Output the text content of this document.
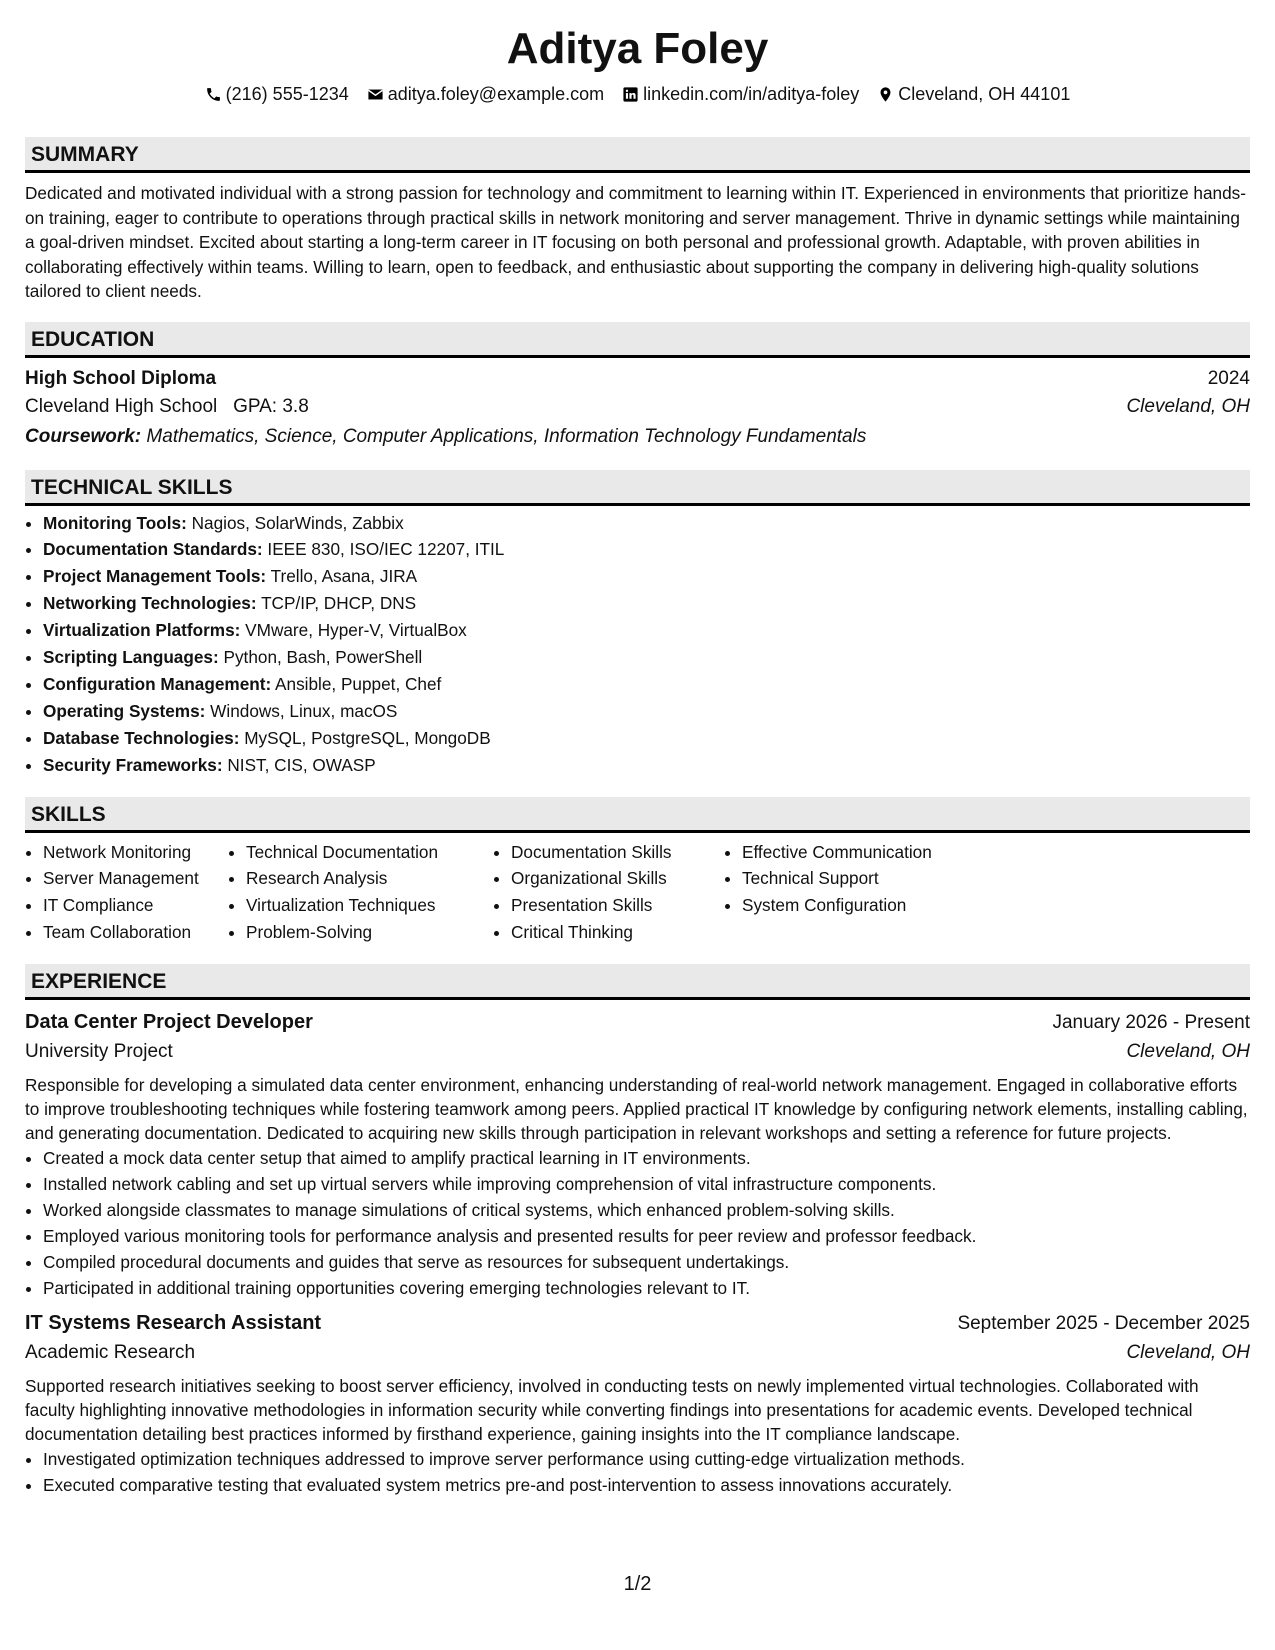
Aditya Foley
(216) 555-1234 aditya.foley@example.com linkedin.com/in/aditya-foley Cleveland, OH 44101
SUMMARY
Dedicated and motivated individual with a strong passion for technology and commitment to learning within IT. Experienced in environments that prioritize hands-on training, eager to contribute to operations through practical skills in network monitoring and server management. Thrive in dynamic settings while maintaining a goal-driven mindset. Excited about starting a long-term career in IT focusing on both personal and professional growth. Adaptable, with proven abilities in collaborating effectively within teams. Willing to learn, open to feedback, and enthusiastic about supporting the company in delivering high-quality solutions tailored to client needs.
EDUCATION
High School Diploma	2024
Cleveland High School GPA: 3.8	Cleveland, OH
Coursework: Mathematics, Science, Computer Applications, Information Technology Fundamentals
TECHNICAL SKILLS
• Monitoring Tools: Nagios, SolarWinds, Zabbix
• Documentation Standards: IEEE 830, ISO/IEC 12207, ITIL
• Project Management Tools: Trello, Asana, JIRA
• Networking Technologies: TCP/IP, DHCP, DNS
• Virtualization Platforms: VMware, Hyper-V, VirtualBox
• Scripting Languages: Python, Bash, PowerShell
• Configuration Management: Ansible, Puppet, Chef
• Operating Systems: Windows, Linux, macOS
• Database Technologies: MySQL, PostgreSQL, MongoDB
• Security Frameworks: NIST, CIS, OWASP
SKILLS
• Network Monitoring
• Server Management
• IT Compliance
• Team Collaboration
• Technical Documentation
• Research Analysis
• Virtualization Techniques
• Problem-Solving
• Documentation Skills
• Organizational Skills
• Presentation Skills
• Critical Thinking
• Effective Communication
• Technical Support
• System Configuration
EXPERIENCE
Data Center Project Developer	January 2026 - Present
University Project	Cleveland, OH
Responsible for developing a simulated data center environment, enhancing understanding of real-world network management. Engaged in collaborative efforts to improve troubleshooting techniques while fostering teamwork among peers. Applied practical IT knowledge by configuring network elements, installing cabling, and generating documentation. Dedicated to acquiring new skills through participation in relevant workshops and setting a reference for future projects.
• Created a mock data center setup that aimed to amplify practical learning in IT environments.
• Installed network cabling and set up virtual servers while improving comprehension of vital infrastructure components.
• Worked alongside classmates to manage simulations of critical systems, which enhanced problem-solving skills.
• Employed various monitoring tools for performance analysis and presented results for peer review and professor feedback.
• Compiled procedural documents and guides that serve as resources for subsequent undertakings.
• Participated in additional training opportunities covering emerging technologies relevant to IT.
IT Systems Research Assistant	September 2025 - December 2025
Academic Research	Cleveland, OH
Supported research initiatives seeking to boost server efficiency, involved in conducting tests on newly implemented virtual technologies. Collaborated with faculty highlighting innovative methodologies in information security while converting findings into presentations for academic events. Developed technical documentation detailing best practices informed by firsthand experience, gaining insights into the IT compliance landscape.
• Investigated optimization techniques addressed to improve server performance using cutting-edge virtualization methods.
• Executed comparative testing that evaluated system metrics pre-and post-intervention to assess innovations accurately.
1/2
